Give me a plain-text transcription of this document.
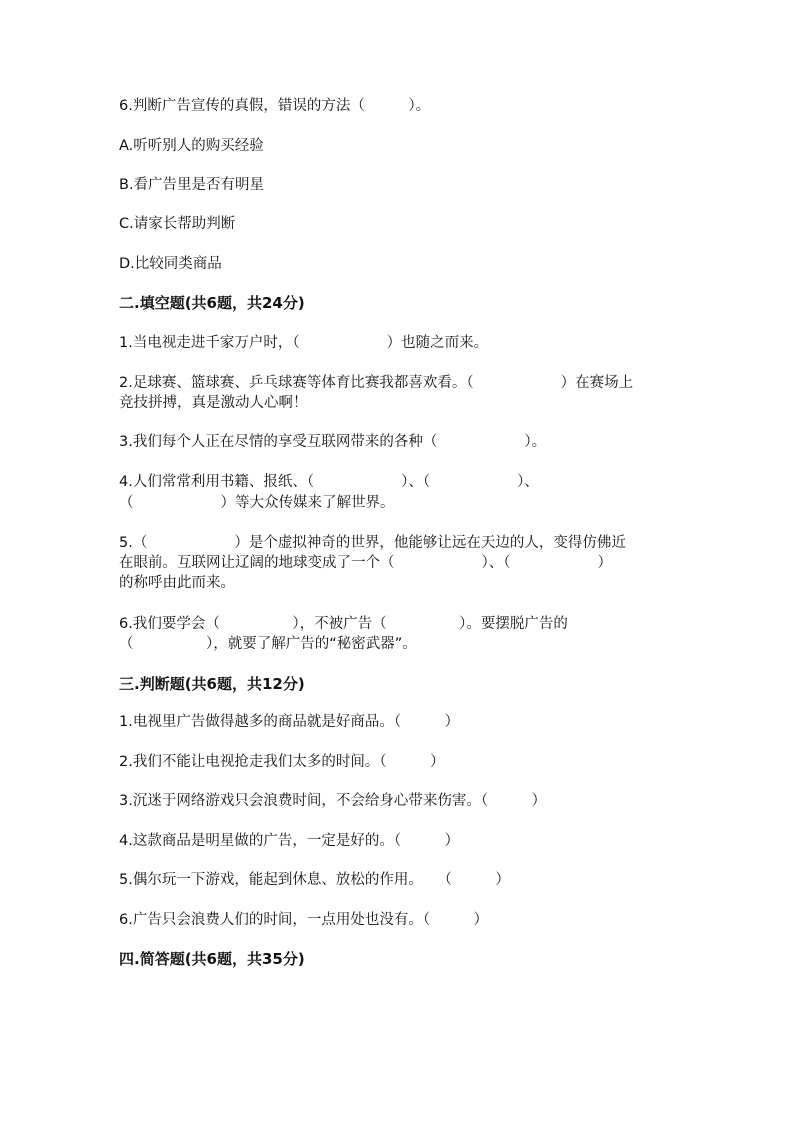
6.判断广告宣传的真假，错误的方法（　　　）。
A.听听别人的购买经验
B.看广告里是否有明星
C.请家长帮助判断
D.比较同类商品
二.填空题(共6题，共24分)
1.当电视走进千家万户时，（　　　　　　）也随之而来。
2.足球赛、篮球赛、乒乓球赛等体育比赛我都喜欢看。（　　　　　　）在赛场上
竞技拼搏，真是激动人心啊！
3.我们每个人正在尽情的享受互联网带来的各种（　　　　　　）。
4.人们常常利用书籍、报纸、（　　　　　　）、（　　　　　　）、
（　　　　　　）等大众传媒来了解世界。
5.（　　　　　　）是个虚拟神奇的世界，他能够让远在天边的人，变得仿佛近
在眼前。互联网让辽阔的地球变成了一个（　　　　　　）、（　　　　　　）
的称呼由此而来。
6.我们要学会（　　　　　），不被广告（　　　　　）。要摆脱广告的
（　　　　　），就要了解广告的“秘密武器”。
三.判断题(共6题，共12分)
1.电视里广告做得越多的商品就是好商品。（　　　）
2.我们不能让电视抢走我们太多的时间。（　　　）
3.沉迷于网络游戏只会浪费时间，不会给身心带来伤害。（　　　）
4.这款商品是明星做的广告，一定是好的。（　　　）
5.偶尔玩一下游戏，能起到休息、放松的作用。　　（　　　）
6.广告只会浪费人们的时间，一点用处也没有。（　　　）
四.简答题(共6题，共35分)
